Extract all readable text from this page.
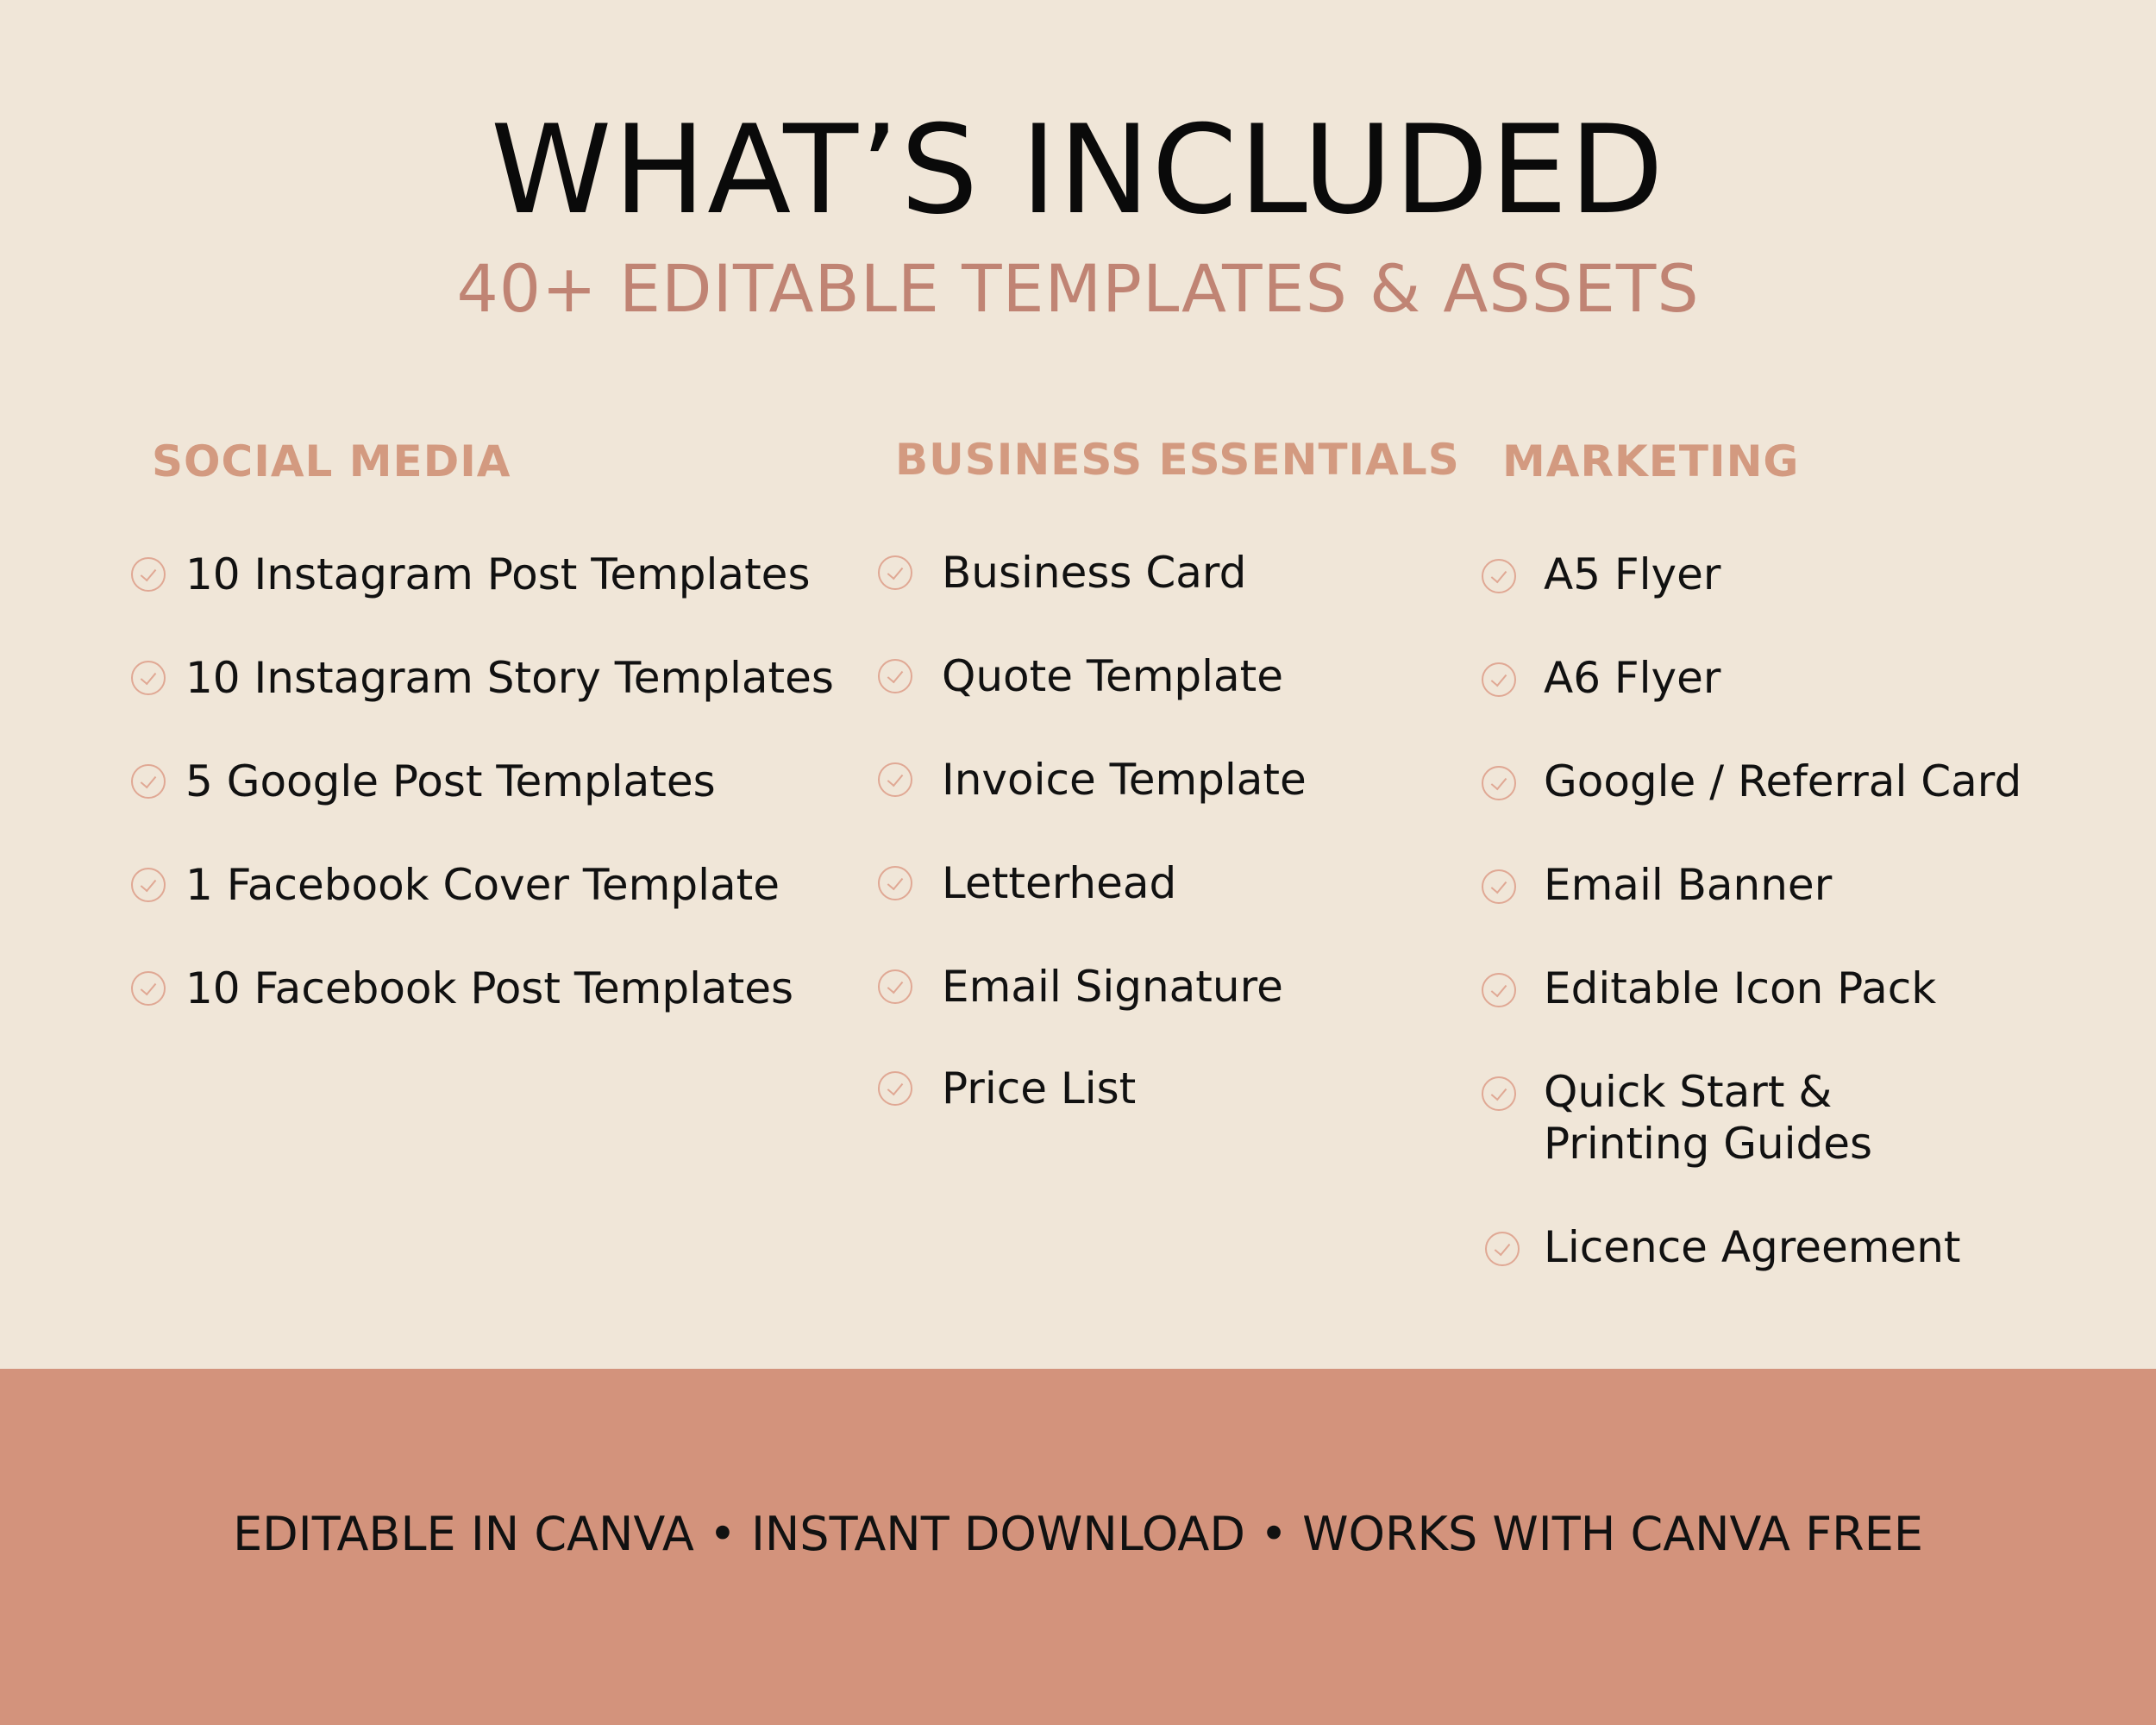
WHAT’S INCLUDED
40+ EDITABLE TEMPLATES & ASSETS
SOCIAL MEDIA
10 Instagram Post Templates
10 Instagram Story Templates
5 Google Post Templates
1 Facebook Cover Template
10 Facebook Post Templates
BUSINESS ESSENTIALS
Business Card
Quote Template
Invoice Template
Letterhead
Email Signature
Price List
MARKETING
A5 Flyer
A6 Flyer
Google / Referral Card
Email Banner
Editable Icon Pack
Quick Start & Printing Guides
Licence Agreement
EDITABLE IN CANVA • INSTANT DOWNLOAD • WORKS WITH CANVA FREE
